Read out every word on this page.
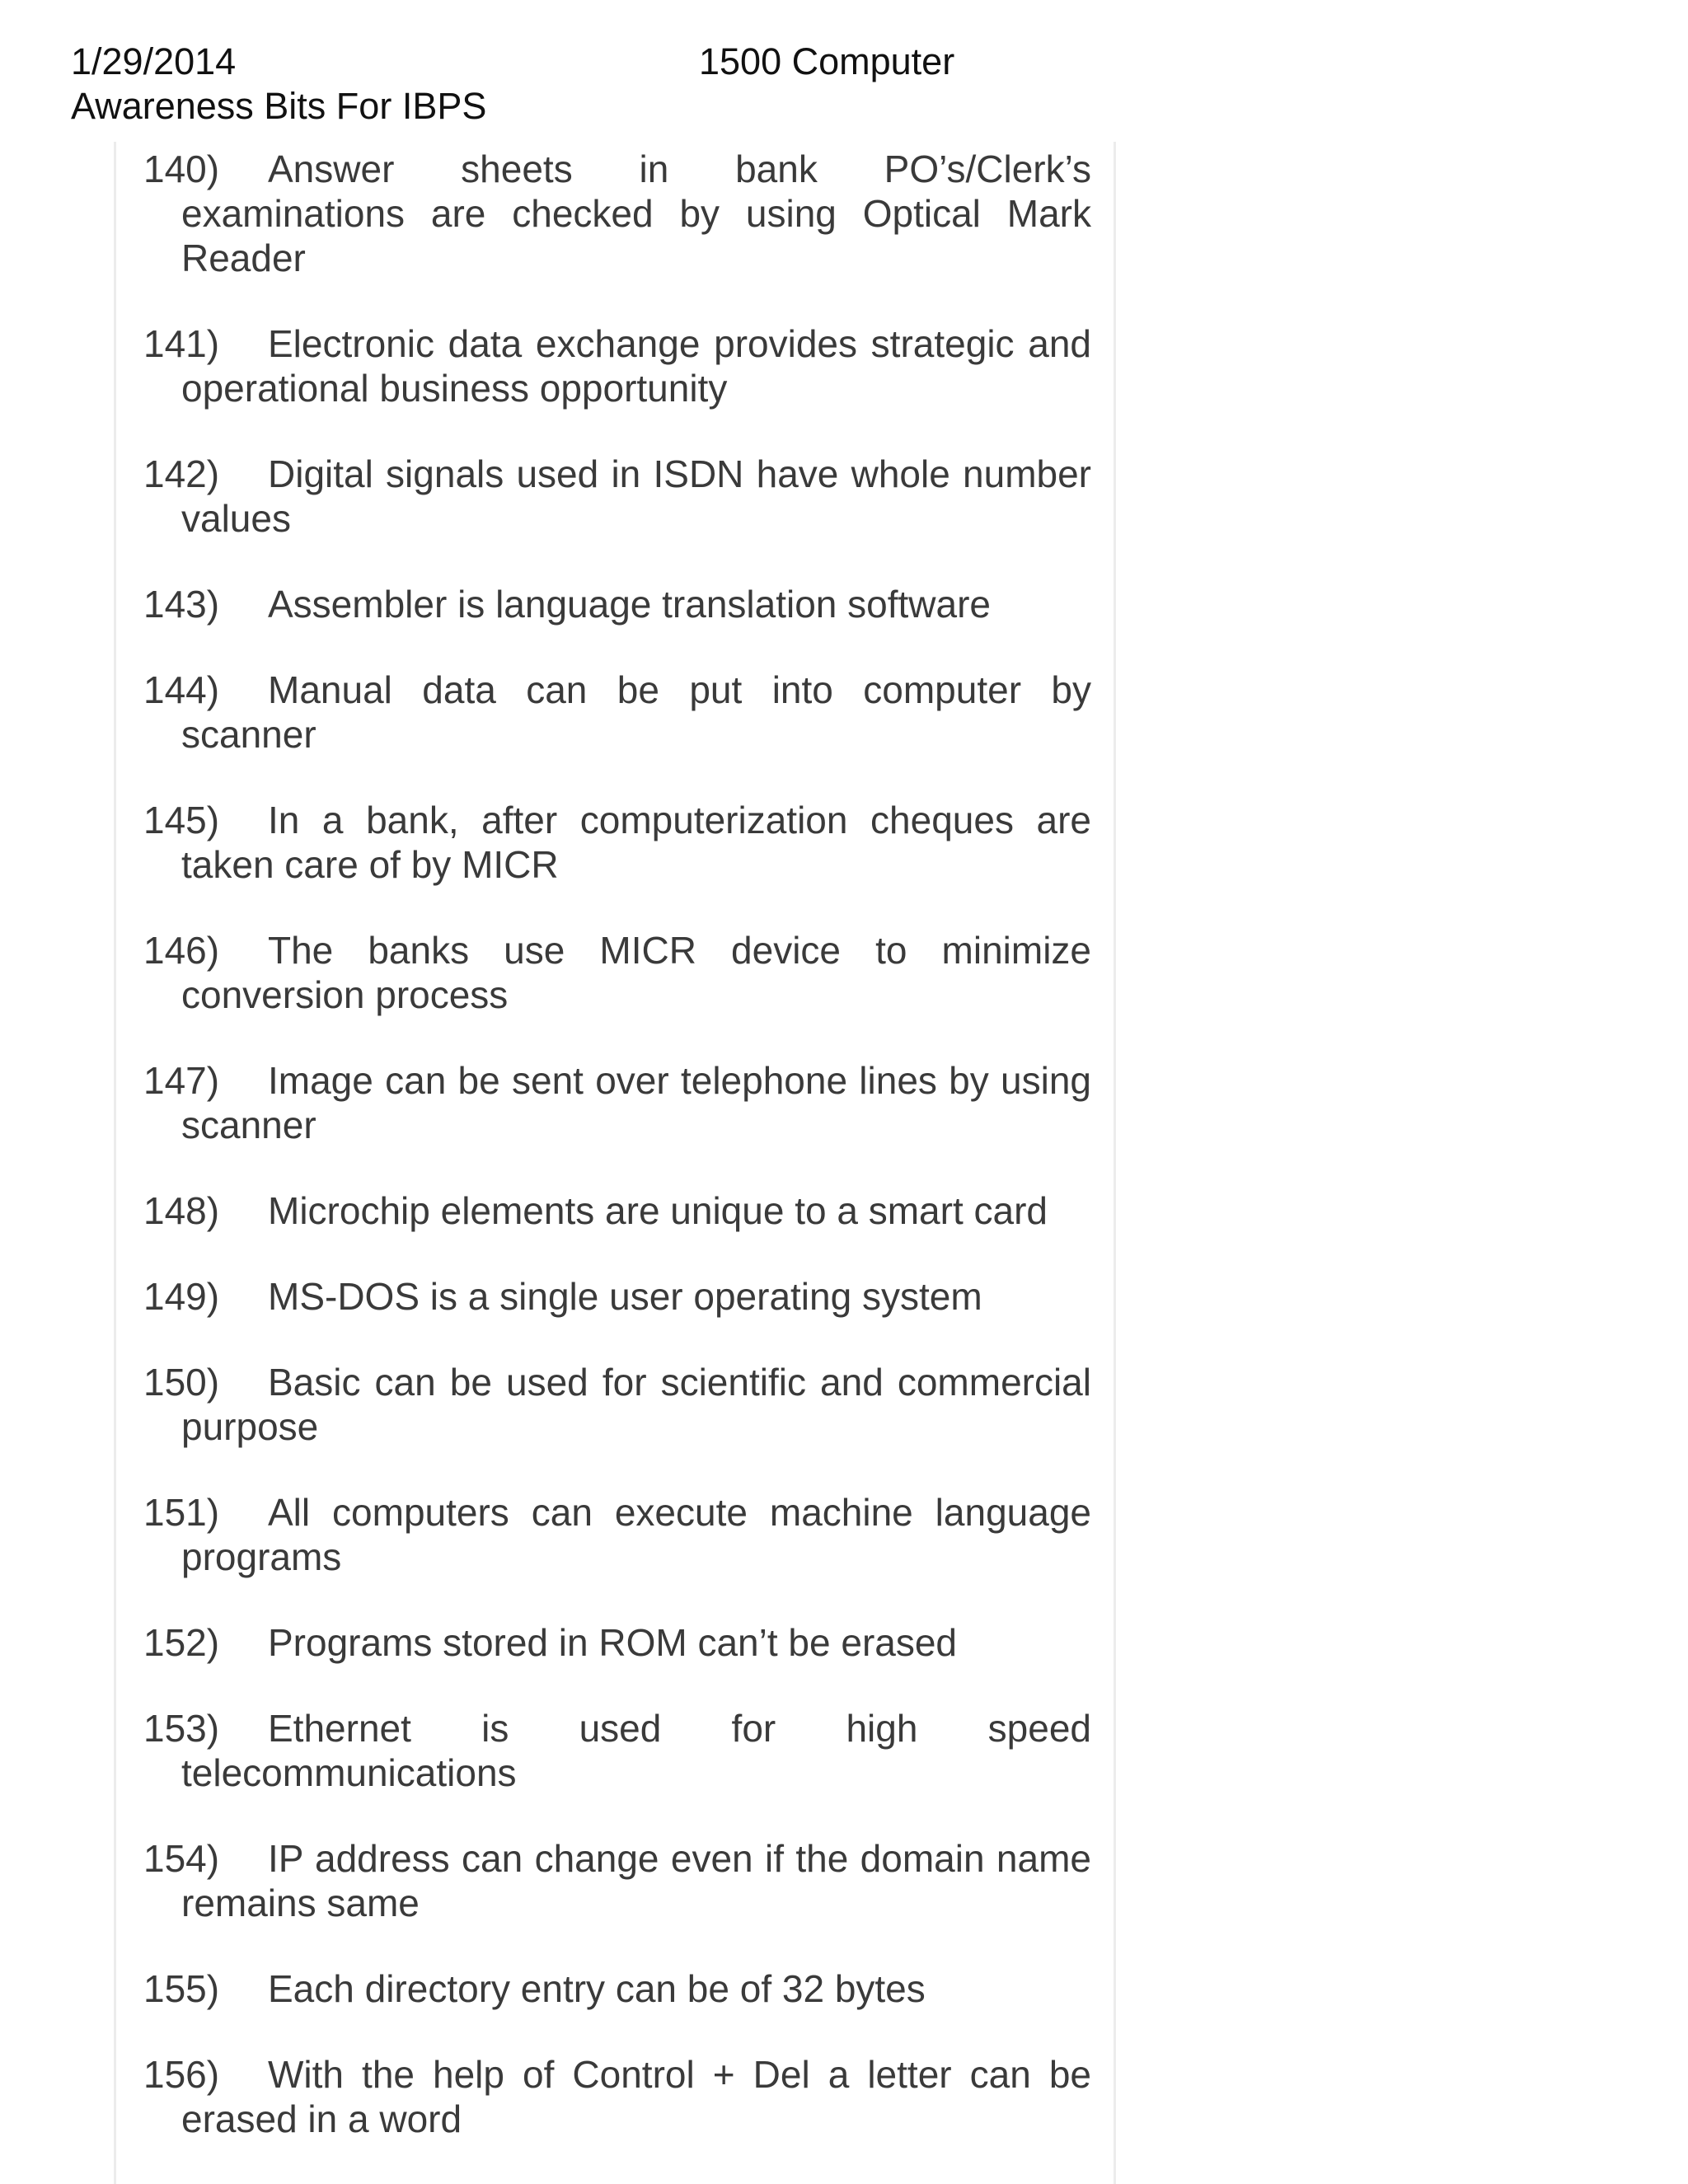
1/29/2014	1500 Computer
Awareness Bits For IBPS
140) Answer sheets in bank PO’s/Clerk’s examinations are checked by using Optical Mark Reader
141) Electronic data exchange provides strategic and operational business opportunity
142) Digital signals used in ISDN have whole number values
143) Assembler is language translation software
144) Manual data can be put into computer by scanner
145) In a bank, after computerization cheques are taken care of by MICR
146) The banks use MICR device to minimize conversion process
147) Image can be sent over telephone lines by using scanner
148) Microchip elements are unique to a smart card
149) MS-DOS is a single user operating system
150) Basic can be used for scientific and commercial purpose
151) All computers can execute machine language programs
152) Programs stored in ROM can’t be erased
153) Ethernet is used for high speed telecommunications
154) IP address can change even if the domain name remains same
155) Each directory entry can be of 32 bytes
156) With the help of Control + Del a letter can be erased in a word
